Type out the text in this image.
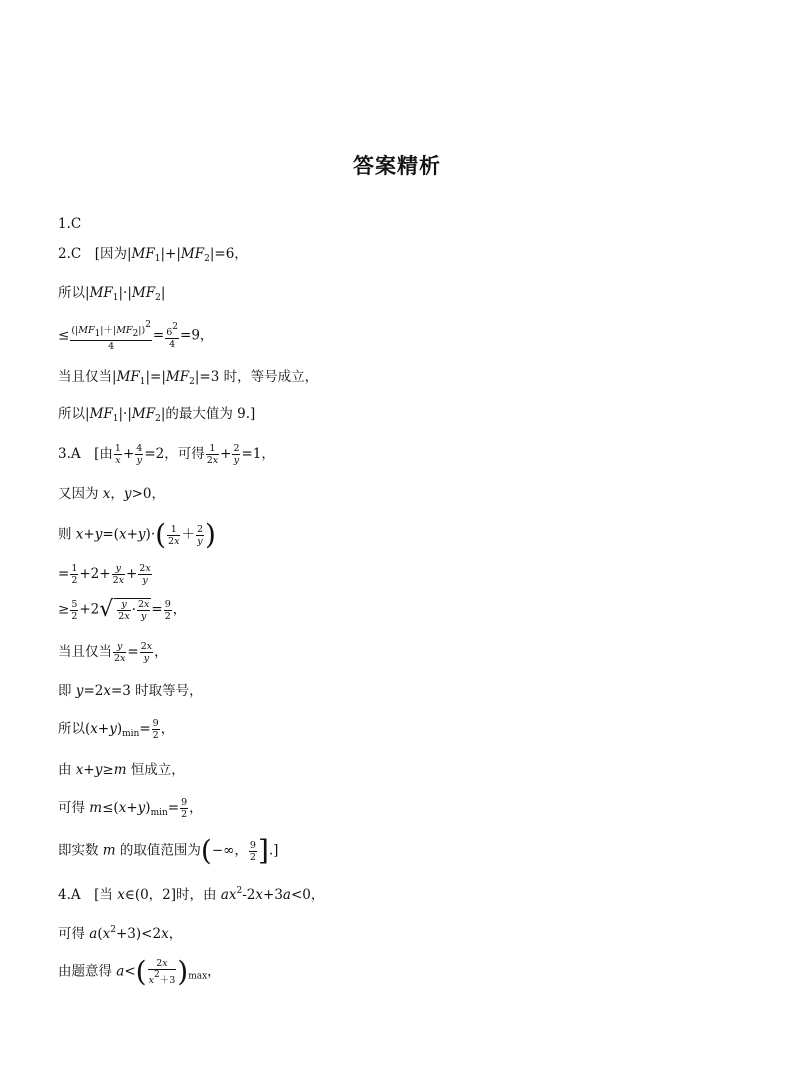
答案精析
1.C
2.C　[因为$|MF_1|+|MF_2|=6$，
所以$|MF_1|\cdot|MF_2|$
≤ $\frac{(|MF_1|+|MF_2|)^2}{4} = \frac{6^2}{4} =9$，
当且仅当$|MF_1|=|MF_2|=3$ 时，等号成立，
所以$|MF_1|\cdot|MF_2|$的最大值为 9.]
3.A　[由 $\frac{1}{x} + \frac{4}{y} =2$，可得 $\frac{1}{2x} + \frac{2}{y} =1$，
又因为 x，y>0，
则 $x+y=(x+y)\cdot( \frac{1}{2x} + \frac{2}{y}$ )
= $\frac{1}{2} +2+ \frac{y}{2x} + \frac{2x}{y}$
≥ $\frac{5}{2} +2√ \frac{y}{2x} \cdot \frac{2x}{y} = \frac{9}{2}$ ，
当且仅当 $\frac{y}{2x} = \frac{2x}{y}$ ，
即 y=2x=3 时取等号，
所以$(x+y)_{min}= \frac{9}{2}$ ，
由 x+y≥m 恒成立，
可得 $m\le(x+y)_{min}= \frac{9}{2}$ ，
即实数 m 的取值范围为(−∞， $\frac{9}{2}$ ].]
4.A　[当 x∈(0，2]时，由 $ax^2-2x+3a<0$，
可得 $a(x^2+3)<2x$，
由题意得 $a<( \frac{2x}{x^2+3} )_{max}$，
